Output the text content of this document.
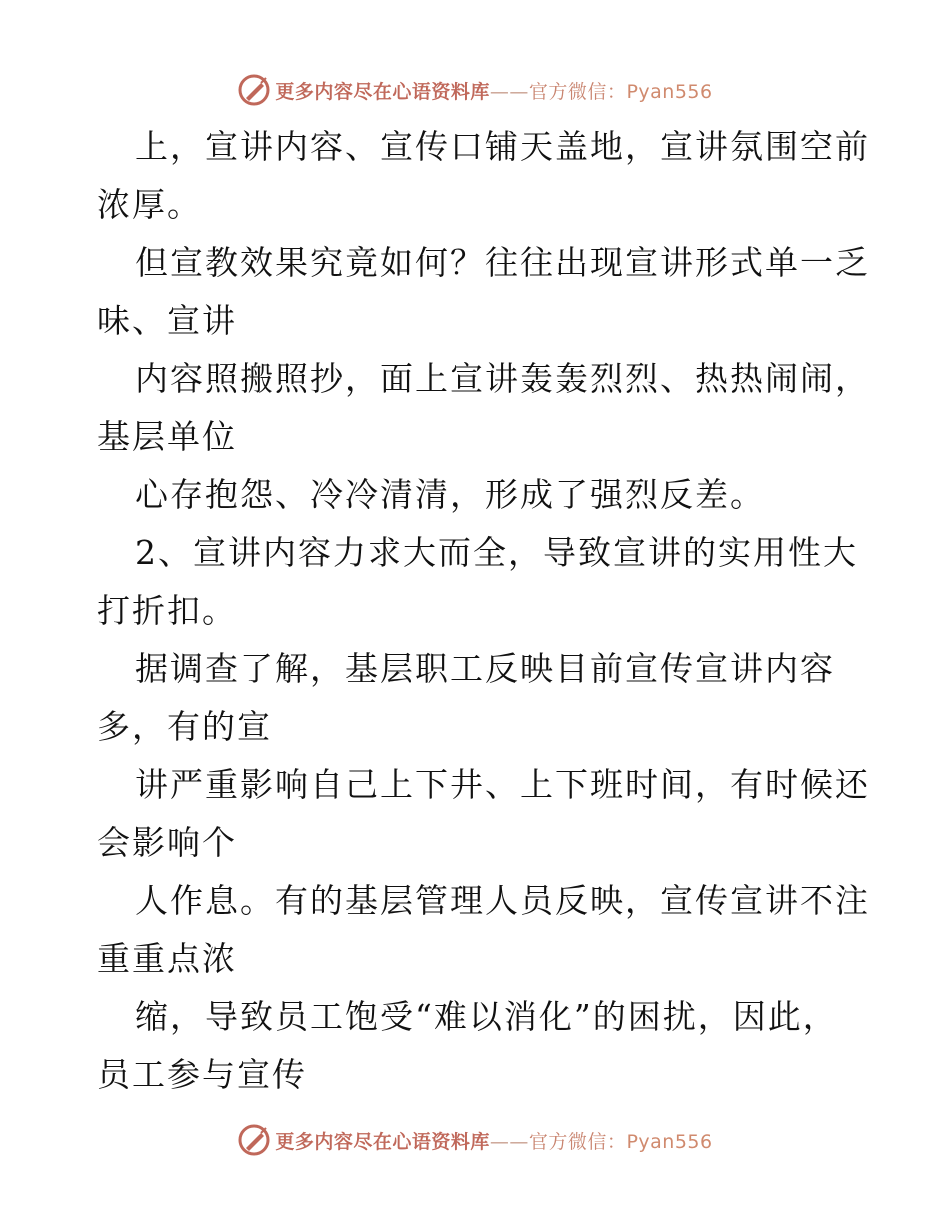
更多内容尽在心语资料库——官方微信：Pyan556
上，宣讲内容、宣传口铺天盖地，宣讲氛围空前
浓厚。
但宣教效果究竟如何？往往出现宣讲形式单一乏
味、宣讲
内容照搬照抄，面上宣讲轰轰烈烈、热热闹闹，
基层单位
心存抱怨、冷冷清清，形成了强烈反差。
2、宣讲内容力求大而全，导致宣讲的实用性大
打折扣。
据调查了解，基层职工反映目前宣传宣讲内容
多，有的宣
讲严重影响自己上下井、上下班时间，有时候还
会影响个
人作息。有的基层管理人员反映，宣传宣讲不注
重重点浓
缩，导致员工饱受“难以消化”的困扰，因此，
员工参与宣传
更多内容尽在心语资料库——官方微信：Pyan556
